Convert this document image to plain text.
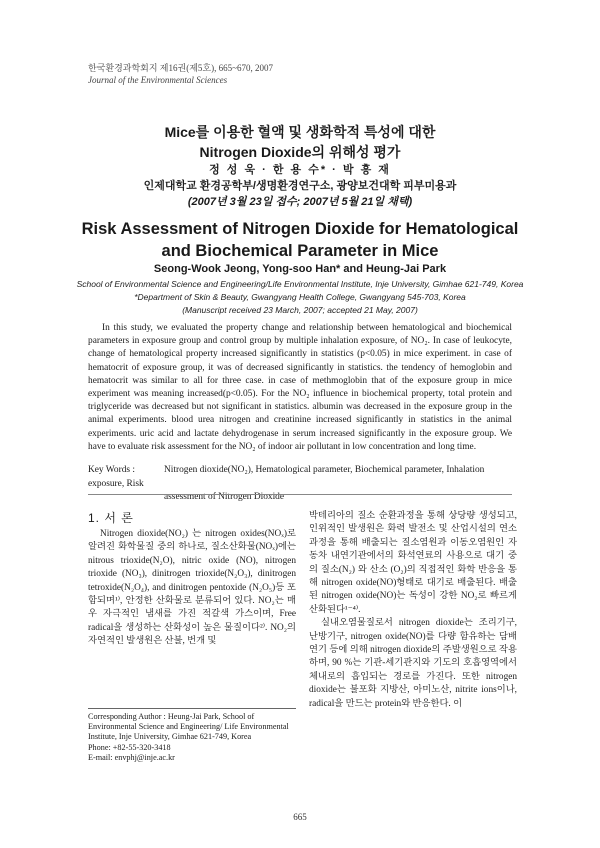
한국환경과학회지 제16권(제5호), 665~670, 2007
Journal of the Environmental Sciences
Mice를 이용한 혈액 및 생화학적 특성에 대한
Nitrogen Dioxide의 위해성 평가
정 성 욱 · 한 용 수* · 박 흥 재
인제대학교 환경공학부/생명환경연구소, 광양보건대학 피부미용과
(2007년 3월 23일 접수; 2007년 5월 21일 채택)
Risk Assessment of Nitrogen Dioxide for Hematological
and Biochemical Parameter in Mice
Seong-Wook Jeong, Yong-soo Han* and Heung-Jai Park
School of Environmental Science and Engineering/Life Environmental Institute, Inje University, Gimhae 621-749, Korea
*Department of Skin & Beauty, Gwangyang Health College, Gwangyang 545-703, Korea
(Manuscript received 23 March, 2007; accepted 21 May, 2007)

In this study, we evaluated the property change and relationship between hematological and biochemical parameters in exposure group and control group by multiple inhalation exposure, of NO₂. In case of leukocyte, change of hematological property increased significantly in statistics (p<0.05) in mice experiment. in case of hematocrit of exposure group, it was of decreased significantly in statistics. the tendency of hemoglobin and hematocrit was similar to all for three case. in case of methmoglobin that of the exposure group in mice experiment was meaning increased(p<0.05). For the NO₂ influence in biochemical property, total protein and triglyceride was decreased but not significant in statistics. albumin was decreased in the exposure group in the animal experiments. blood urea nitrogen and creatinine increased significantly in statistics in the animal experiments. uric acid and lactate dehydrogenase in serum increased significantly in the exposure group. We have to evaluate risk assessment for the NO₂ of indoor air pollutant in low concentration and long time.

Key Words :	Nitrogen dioxide(NO₂), Hematological parameter, Biochemical parameter, Inhalation exposure, Risk
assessment of Nitrogen Dioxide
1. 서 론

Nitrogen dioxide(NO₂) 는 nitrogen oxides(NOₓ)로 알려진 화학물질 중의 하나로, 질소산화물(NOₓ)에는 nitrous trioxide(N₂O), nitric oxide (NO), nitrogen trioxide (NO₃), dinitrogen trioxide(N₂O₃), dinitrogen tetroxide(N₂O₄), and dinitrogen pentoxide (N₂O₅)등 포함되며¹⁾, 안정한 산화물로 분류되어 있다. NO₂는 매우 자극적인 냄새를 가진 적갈색 가스이며, Free radical을 생성하는 산화성이 높은 물질이다²⁾. NO₂의 자연적인 발생원은 산불, 번개 및

Corresponding Author : Heung-Jai Park, School of Environmental Science and Engineering/ Life Environmental Institute, Inje University, Gimhae 621-749, Korea
Phone: +82-55-320-3418
E-mail: envphj@inje.ac.kr

박테리아의 질소 순환과정을 통해 상당량 생성되고, 인위적인 발생원은 화력 발전소 및 산업시설의 연소과정을 통해 배출되는 질소염원과 이동오염원인 자동차 내연기관에서의 화석연료의 사용으로 대기 중의 질소(N₂) 와 산소 (O₂)의 직접적인 화학 반응을 통해 nitrogen oxide(NO)형태로 대기로 배출된다. 배출된 nitrogen oxide(NO)는 독성이 강한 NO₂로 빠르게 산화된다¹⁻⁴⁾.

실내오염물질로서 nitrogen dioxide는 조리기구, 난방기구, nitrogen oxide(NO)를 다량 함유하는 담배연기 등에 의해 nitrogen dioxide의 주발생원으로 작용하며, 90 %는 기관-세기관지와 기도의 호흡영역에서 체내로의 흡입되는 경로를 가진다. 또한 nitrogen dioxide는 불포화 지방산, 아미노산, nitrite ions이나, radical을 만드는 protein와 반응한다. 이

665
